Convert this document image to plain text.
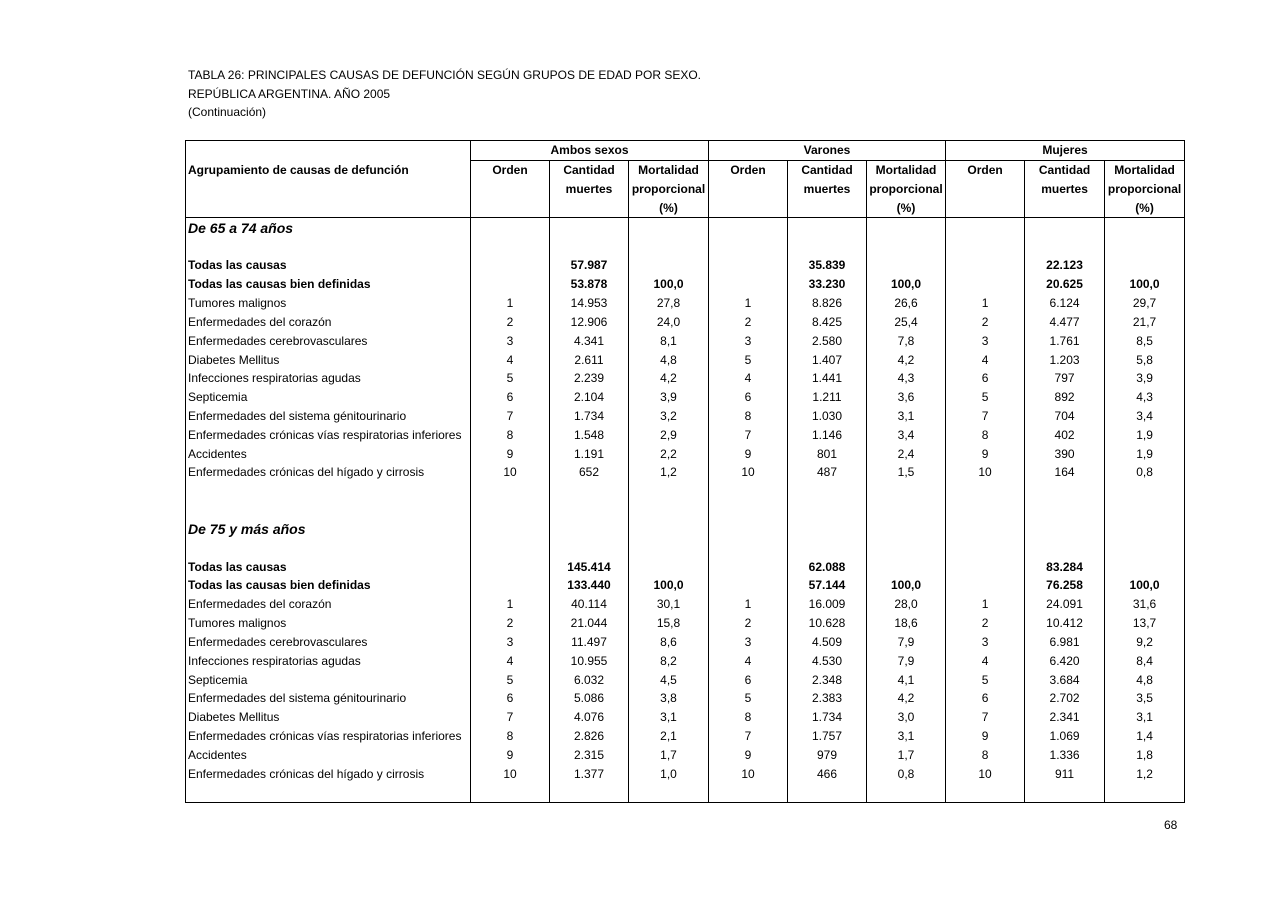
TABLA 26: PRINCIPALES CAUSAS DE DEFUNCIÓN SEGÚN GRUPOS DE EDAD POR SEXO.
REPÚBLICA ARGENTINA. AÑO 2005
(Continuación)
	Ambos sexos			Varones			Mujeres		
Agrupamiento de causas de defunción	Orden	Cantidad	Mortalidad	Orden	Cantidad	Mortalidad	Orden	Cantidad	Mortalidad
		muertes	proporcional		muertes	proporcional		muertes	proporcional
			(%)			(%)			(%)
De 65 a 74 años									

Todas las causas		57.987			35.839			22.123	
Todas las causas bien definidas		53.878	100,0		33.230	100,0		20.625	100,0
Tumores malignos	1	14.953	27,8	1	8.826	26,6	1	6.124	29,7
Enfermedades del corazón	2	12.906	24,0	2	8.425	25,4	2	4.477	21,7
Enfermedades cerebrovasculares	3	4.341	8,1	3	2.580	7,8	3	1.761	8,5
Diabetes Mellitus	4	2.611	4,8	5	1.407	4,2	4	1.203	5,8
Infecciones respiratorias agudas	5	2.239	4,2	4	1.441	4,3	6	797	3,9
Septicemia	6	2.104	3,9	6	1.211	3,6	5	892	4,3
Enfermedades del sistema génitourinario	7	1.734	3,2	8	1.030	3,1	7	704	3,4
Enfermedades crónicas vías respiratorias inferiores	8	1.548	2,9	7	1.146	3,4	8	402	1,9
Accidentes	9	1.191	2,2	9	801	2,4	9	390	1,9
Enfermedades crónicas del hígado y cirrosis	10	652	1,2	10	487	1,5	10	164	0,8

De 75 y más años									

Todas las causas		145.414			62.088			83.284	
Todas las causas bien definidas		133.440	100,0		57.144	100,0		76.258	100,0
Enfermedades del corazón	1	40.114	30,1	1	16.009	28,0	1	24.091	31,6
Tumores malignos	2	21.044	15,8	2	10.628	18,6	2	10.412	13,7
Enfermedades cerebrovasculares	3	11.497	8,6	3	4.509	7,9	3	6.981	9,2
Infecciones respiratorias agudas	4	10.955	8,2	4	4.530	7,9	4	6.420	8,4
Septicemia	5	6.032	4,5	6	2.348	4,1	5	3.684	4,8
Enfermedades del sistema génitourinario	6	5.086	3,8	5	2.383	4,2	6	2.702	3,5
Diabetes Mellitus	7	4.076	3,1	8	1.734	3,0	7	2.341	3,1
Enfermedades crónicas vías respiratorias inferiores	8	2.826	2,1	7	1.757	3,1	9	1.069	1,4
Accidentes	9	2.315	1,7	9	979	1,7	8	1.336	1,8
Enfermedades crónicas del hígado y cirrosis	10	1.377	1,0	10	466	0,8	10	911	1,2

68
